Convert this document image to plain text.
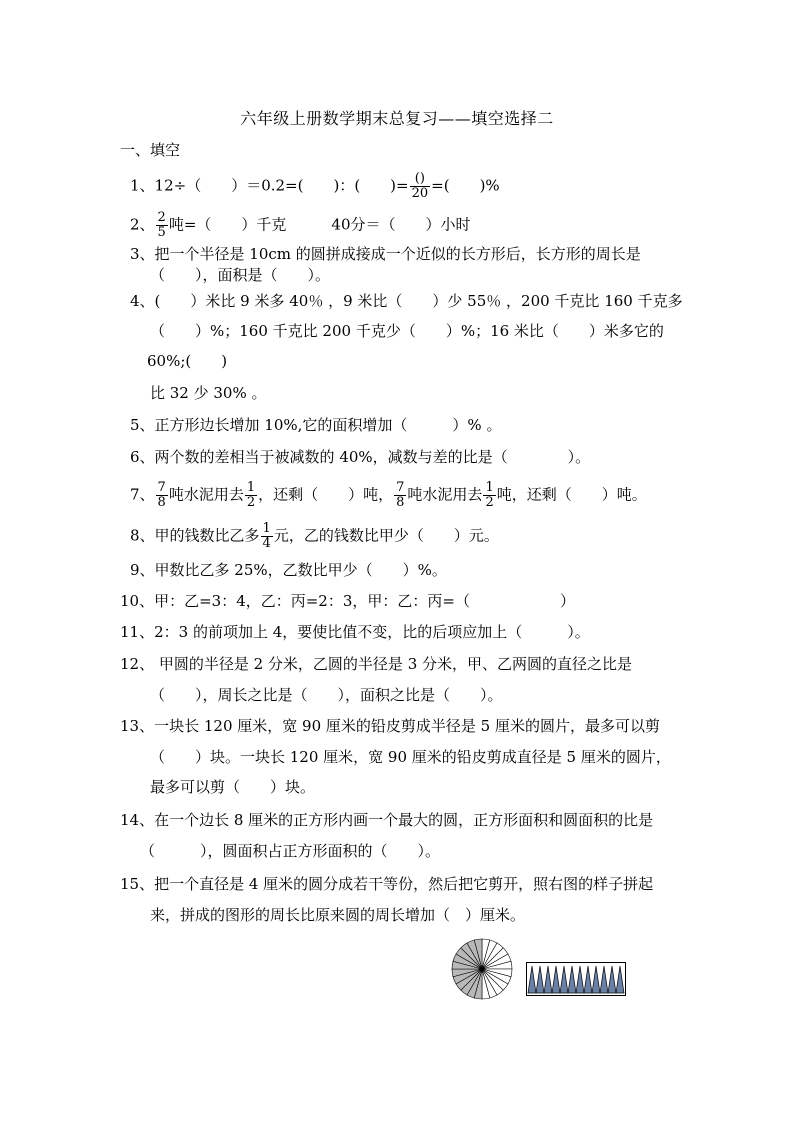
六年级上册数学期末总复习——填空选择二
一、填空
1、12÷（　　）＝0.2=(　　)：(　　)= $\frac{()}{20}$ =(　　)%
2、 $\frac{2}{5}$ 吨=（　　）千克　　　40分＝（　　）小时
3、把一个半径是 10cm 的圆拼成接成一个近似的长方形后，长方形的周长是
（　　），面积是（　　）。
4、(　　）米比 9 米多 40％ ，9 米比（　　）少 55％ ，200 千克比 160 千克多
（　　）%；160 千克比 200 千克少（　　）%；16 米比（　　）米多它的
60%;(　　)
比 32 少 30% 。
5、正方形边长增加 10%,它的面积增加（　　　）% 。
6、两个数的差相当于被减数的 40%，减数与差的比是（　　　　）。
7、 $\frac{7}{8}$ 吨水泥用去 $\frac{1}{2}$ ，还剩（　　）吨， $\frac{7}{8}$ 吨水泥用去 $\frac{1}{2}$ 吨，还剩（　　）吨。
8、甲的钱数比乙多 $\frac{1}{4}$ 元，乙的钱数比甲少（　　）元。
9、甲数比乙多 25%，乙数比甲少（　　）%。
10、甲：乙=3：4，乙：丙=2：3，甲：乙：丙=（　　　　　　）
11、2：3 的前项加上 4，要使比值不变，比的后项应加上（　　　）。
12、 甲圆的半径是 2 分米，乙圆的半径是 3 分米，甲、乙两圆的直径之比是
（　　），周长之比是（　　），面积之比是（　　）。
13、一块长 120 厘米，宽 90 厘米的铅皮剪成半径是 5 厘米的圆片，最多可以剪
（　　）块。一块长 120 厘米，宽 90 厘米的铅皮剪成直径是 5 厘米的圆片，
最多可以剪（　　）块。
14、在一个边长 8 厘米的正方形内画一个最大的圆，正方形面积和圆面积的比是
（　　　），圆面积占正方形面积的（　　）。
15、把一个直径是 4 厘米的圆分成若干等份，然后把它剪开，照右图的样子拼起
来，拼成的图形的周长比原来圆的周长增加（　）厘米。
